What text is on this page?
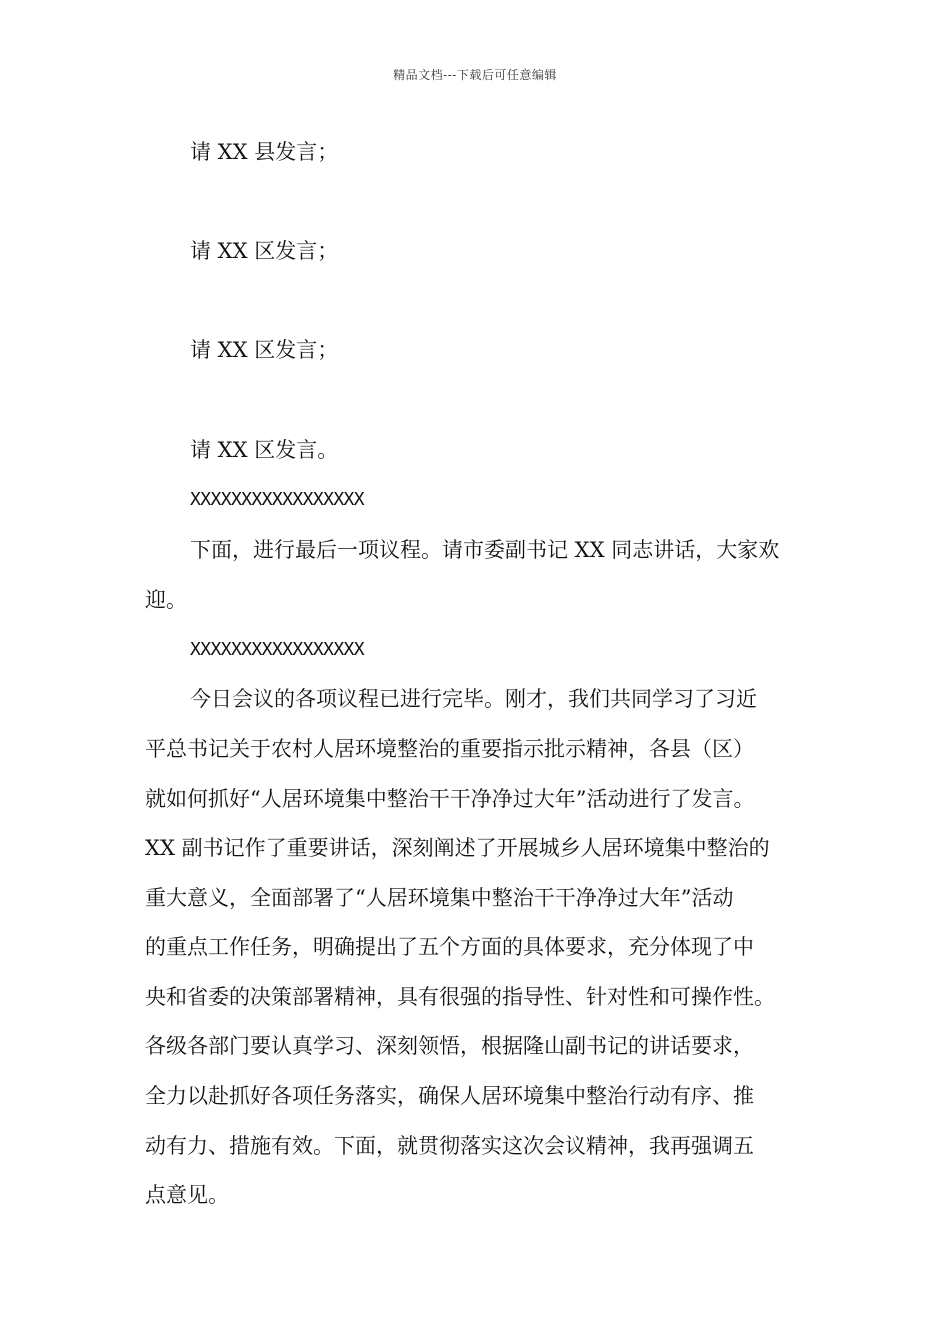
精品文档---下载后可任意编辑
请 XX 县发言；
请 XX 区发言；
请 XX 区发言；
请 XX 区发言。
XXXXXXXXXXXXXXXXX
下面，进行最后一项议程。请市委副书记 XX 同志讲话，大家欢
迎。
XXXXXXXXXXXXXXXXX
今日会议的各项议程已进行完毕。刚才，我们共同学习了习近
平总书记关于农村人居环境整治的重要指示批示精神，各县（区）
就如何抓好“人居环境集中整治干干净净过大年”活动进行了发言。
XX 副书记作了重要讲话，深刻阐述了开展城乡人居环境集中整治的
重大意义，全面部署了“人居环境集中整治干干净净过大年”活动
的重点工作任务，明确提出了五个方面的具体要求，充分体现了中
央和省委的决策部署精神，具有很强的指导性、针对性和可操作性。
各级各部门要认真学习、深刻领悟，根据隆山副书记的讲话要求，
全力以赴抓好各项任务落实，确保人居环境集中整治行动有序、推
动有力、措施有效。下面，就贯彻落实这次会议精神，我再强调五
点意见。
